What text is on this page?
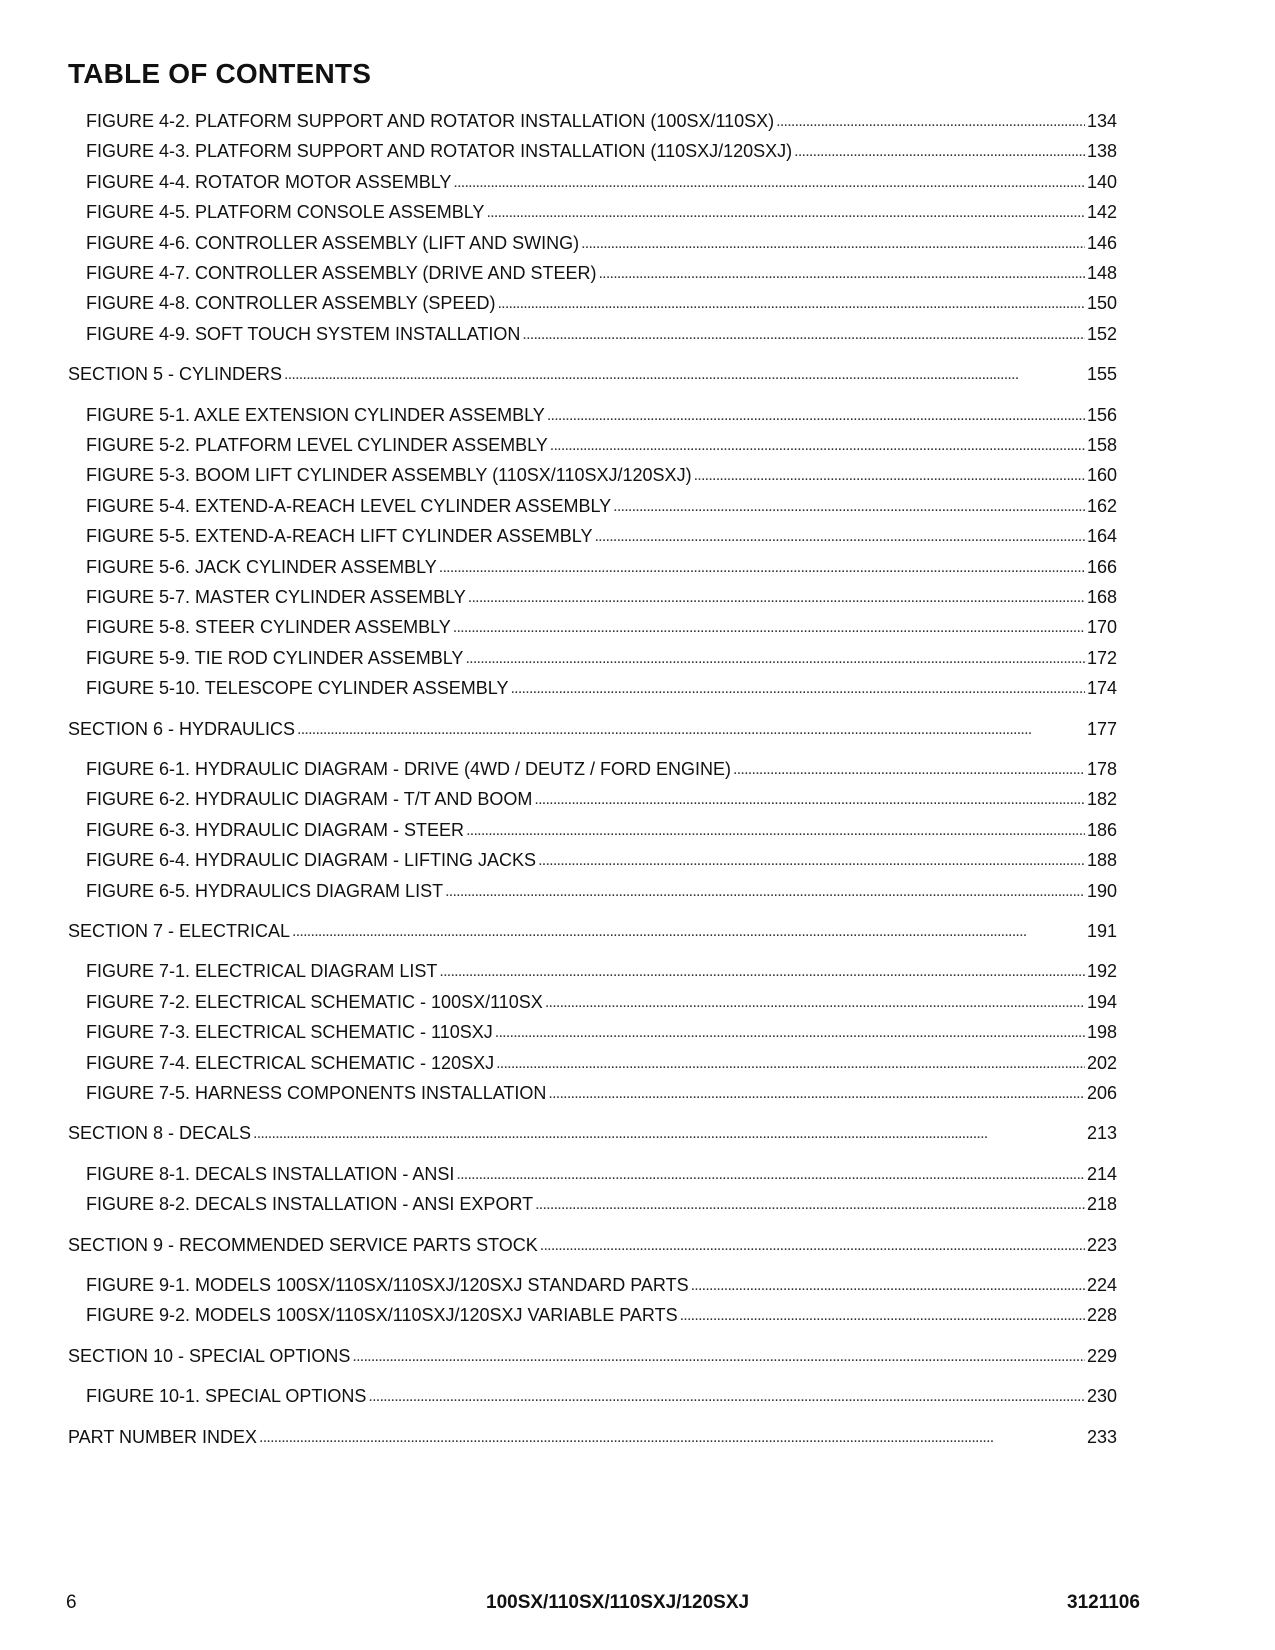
TABLE OF CONTENTS
FIGURE 4-2. PLATFORM SUPPORT AND ROTATOR INSTALLATION (100SX/110SX) . . .	134
FIGURE 4-3. PLATFORM SUPPORT AND ROTATOR INSTALLATION (110SXJ/120SXJ) . . .	138
FIGURE 4-4. ROTATOR MOTOR ASSEMBLY . . .	140
FIGURE 4-5. PLATFORM CONSOLE ASSEMBLY . . .	142
FIGURE 4-6. CONTROLLER ASSEMBLY (LIFT AND SWING) . . .	146
FIGURE 4-7. CONTROLLER ASSEMBLY (DRIVE AND STEER) . . .	148
FIGURE 4-8. CONTROLLER ASSEMBLY (SPEED) . . .	150
FIGURE 4-9. SOFT TOUCH SYSTEM INSTALLATION . . .	152
SECTION 5 - CYLINDERS . . .	155
FIGURE 5-1. AXLE EXTENSION CYLINDER ASSEMBLY . . .	156
FIGURE 5-2. PLATFORM LEVEL CYLINDER ASSEMBLY . . .	158
FIGURE 5-3. BOOM LIFT CYLINDER ASSEMBLY (110SX/110SXJ/120SXJ) . . .	160
FIGURE 5-4. EXTEND-A-REACH LEVEL CYLINDER ASSEMBLY . . .	162
FIGURE 5-5. EXTEND-A-REACH LIFT CYLINDER ASSEMBLY . . .	164
FIGURE 5-6. JACK CYLINDER ASSEMBLY . . .	166
FIGURE 5-7. MASTER CYLINDER ASSEMBLY . . .	168
FIGURE 5-8. STEER CYLINDER ASSEMBLY . . .	170
FIGURE 5-9. TIE ROD CYLINDER ASSEMBLY . . .	172
FIGURE 5-10. TELESCOPE CYLINDER ASSEMBLY . . .	174
SECTION 6 - HYDRAULICS . . .	177
FIGURE 6-1. HYDRAULIC DIAGRAM - DRIVE (4WD / DEUTZ / FORD ENGINE) . . .	178
FIGURE 6-2. HYDRAULIC DIAGRAM - T/T AND BOOM . . .	182
FIGURE 6-3. HYDRAULIC DIAGRAM - STEER . . .	186
FIGURE 6-4. HYDRAULIC DIAGRAM - LIFTING JACKS . . .	188
FIGURE 6-5. HYDRAULICS DIAGRAM LIST . . .	190
SECTION 7 - ELECTRICAL . . .	191
FIGURE 7-1. ELECTRICAL DIAGRAM LIST . . .	192
FIGURE 7-2. ELECTRICAL SCHEMATIC - 100SX/110SX . . .	194
FIGURE 7-3. ELECTRICAL SCHEMATIC - 110SXJ . . .	198
FIGURE 7-4. ELECTRICAL SCHEMATIC - 120SXJ . . .	202
FIGURE 7-5. HARNESS COMPONENTS INSTALLATION . . .	206
SECTION 8 - DECALS . . .	213
FIGURE 8-1. DECALS INSTALLATION - ANSI . . .	214
FIGURE 8-2. DECALS INSTALLATION - ANSI EXPORT . . .	218
SECTION 9 - RECOMMENDED SERVICE PARTS STOCK . . .	223
FIGURE 9-1. MODELS 100SX/110SX/110SXJ/120SXJ STANDARD PARTS . . .	224
FIGURE 9-2. MODELS 100SX/110SX/110SXJ/120SXJ VARIABLE PARTS . . .	228
SECTION 10 - SPECIAL OPTIONS . . .	229
FIGURE 10-1. SPECIAL OPTIONS . . .	230
PART NUMBER INDEX . . .	233
6	100SX/110SX/110SXJ/120SXJ	3121106
